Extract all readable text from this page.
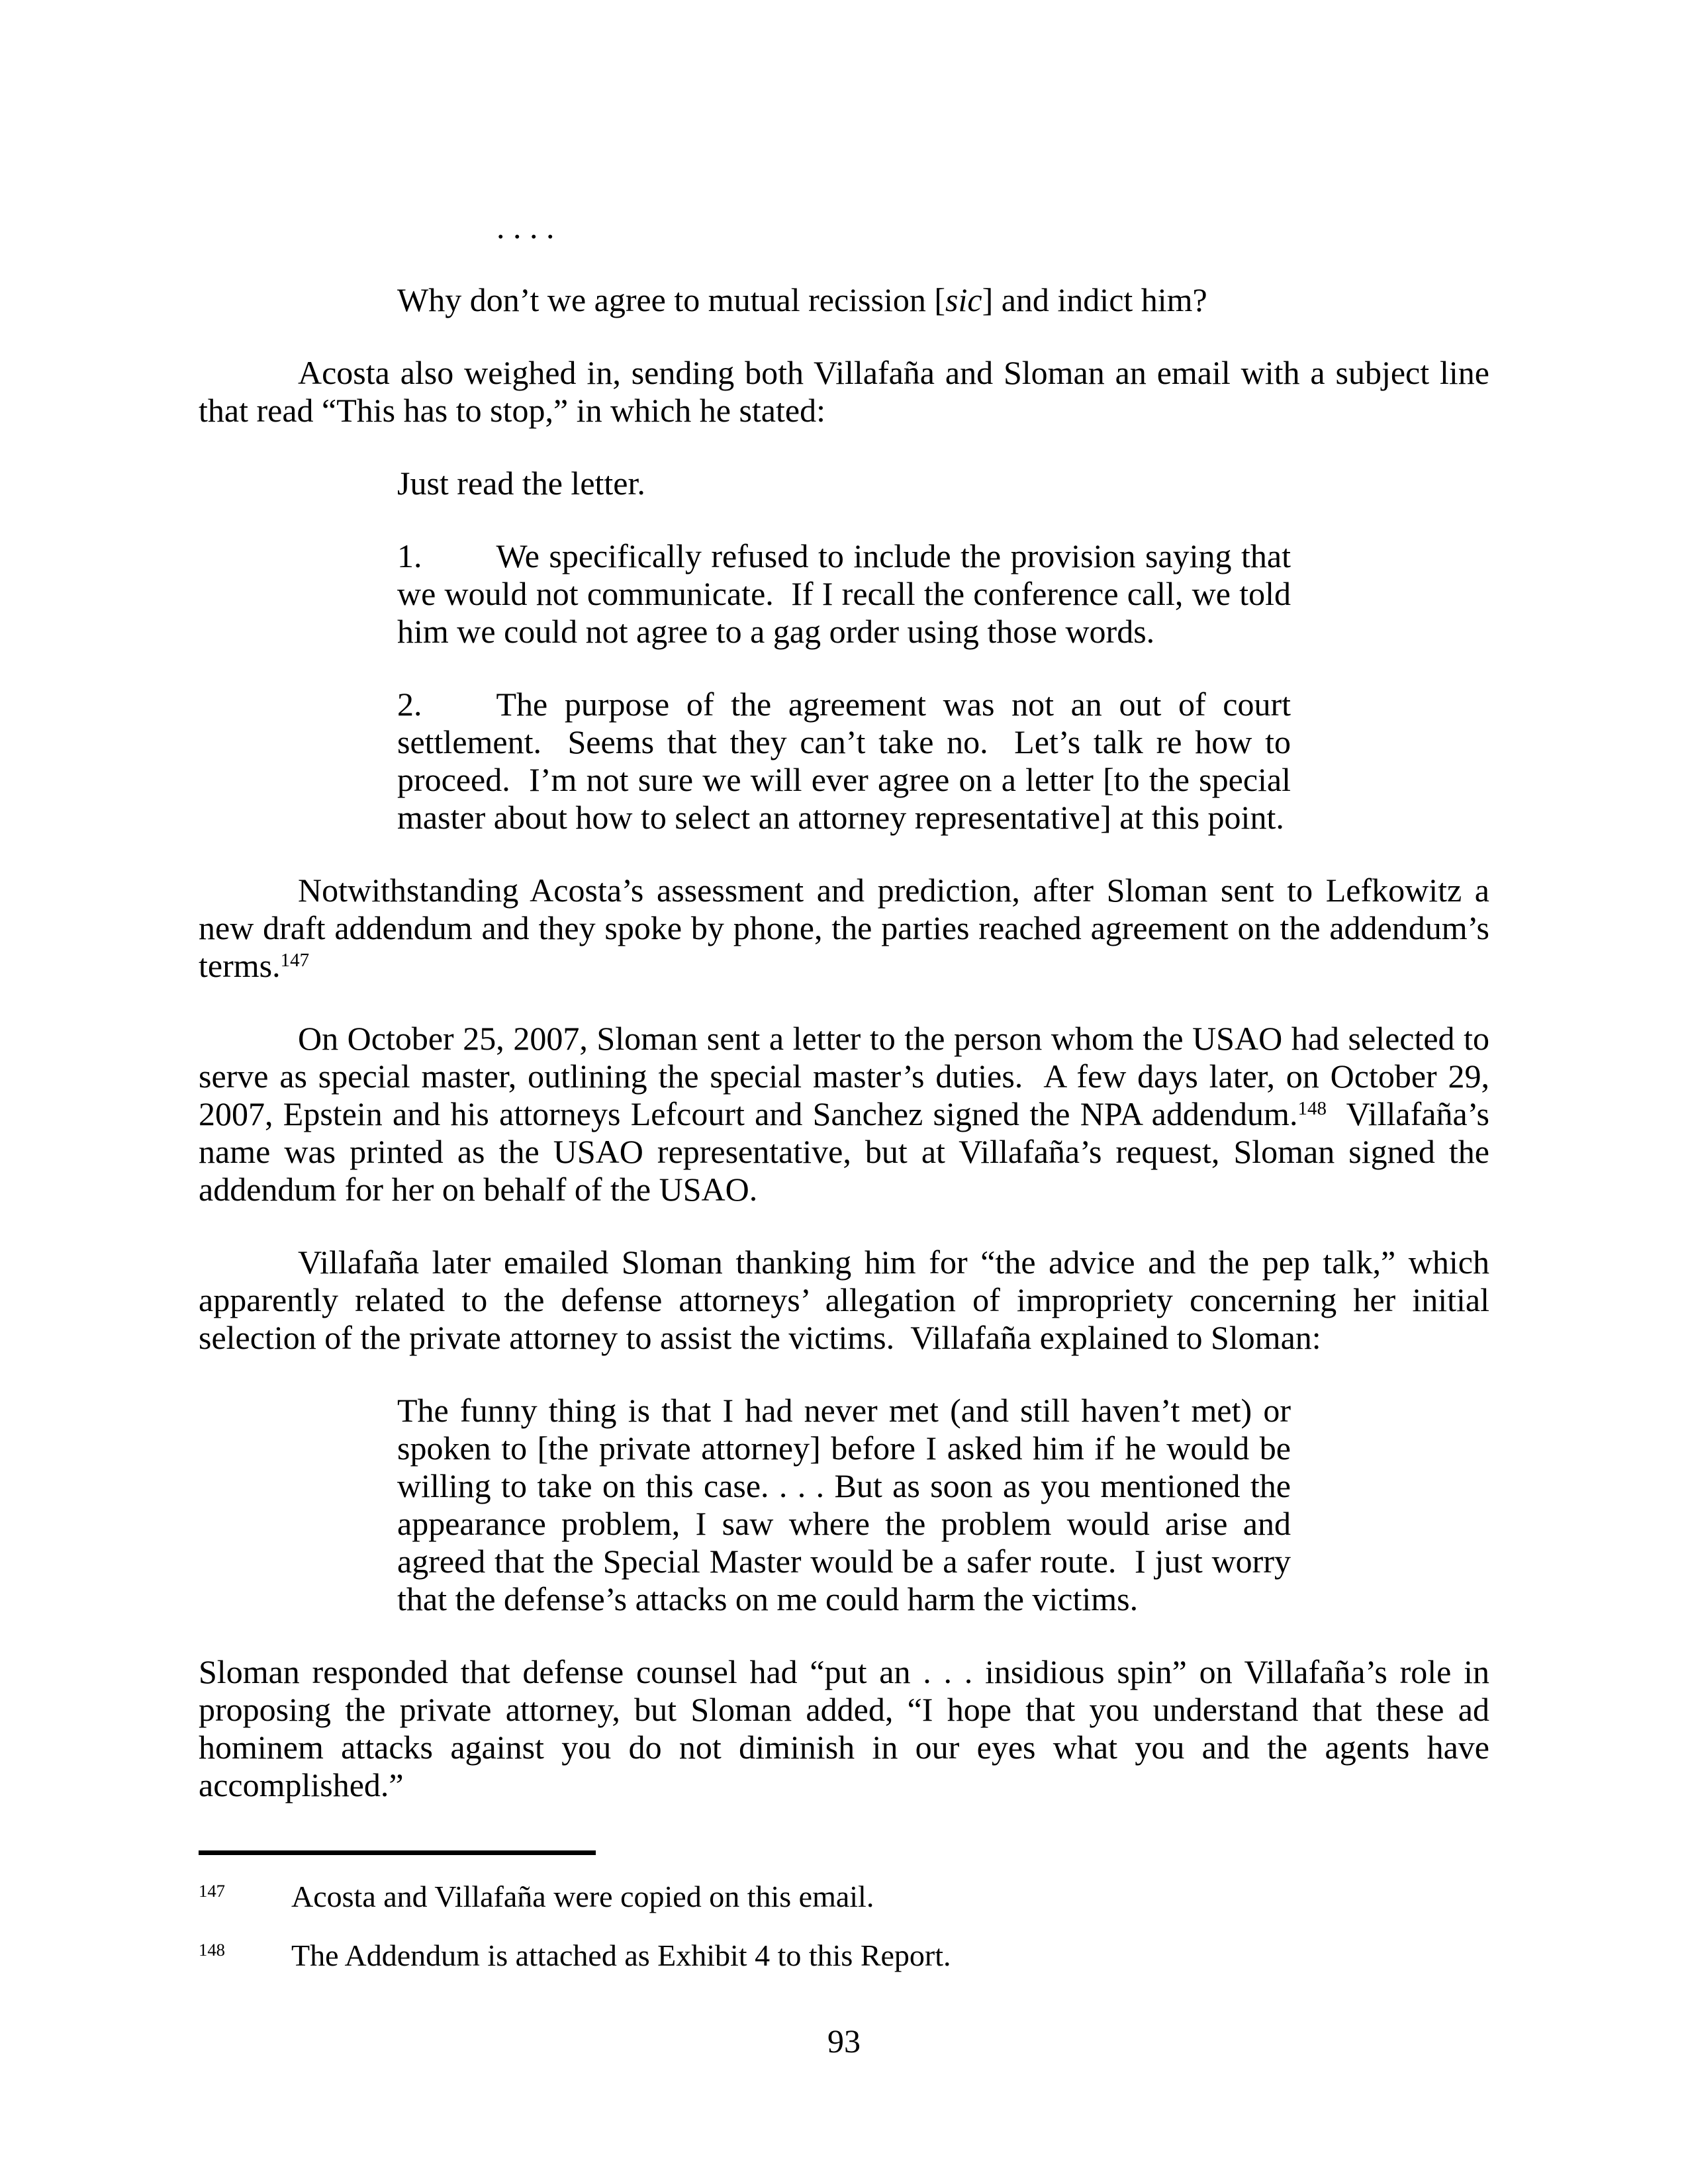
. . . .

Why don’t we agree to mutual recission [sic] and indict him?

Acosta also weighed in, sending both Villafaña and Sloman an email with a subject line that read “This has to stop,” in which he stated:

Just read the letter.

1. We specifically refused to include the provision saying that we would not communicate.  If I recall the conference call, we told him we could not agree to a gag order using those words.

2. The purpose of the agreement was not an out of court settlement.  Seems that they can’t take no.  Let’s talk re how to proceed.  I’m not sure we will ever agree on a letter [to the special master about how to select an attorney representative] at this point.

Notwithstanding Acosta’s assessment and prediction, after Sloman sent to Lefkowitz a new draft addendum and they spoke by phone, the parties reached agreement on the addendum’s terms.$^{147}$

On October 25, 2007, Sloman sent a letter to the person whom the USAO had selected to serve as special master, outlining the special master’s duties.  A few days later, on October 29, 2007, Epstein and his attorneys Lefcourt and Sanchez signed the NPA addendum.$^{148}$  Villafaña’s name was printed as the USAO representative, but at Villafaña’s request, Sloman signed the addendum for her on behalf of the USAO.

Villafaña later emailed Sloman thanking him for “the advice and the pep talk,” which apparently related to the defense attorneys’ allegation of impropriety concerning her initial selection of the private attorney to assist the victims.  Villafaña explained to Sloman:

The funny thing is that I had never met (and still haven’t met) or spoken to [the private attorney] before I asked him if he would be willing to take on this case. . . . But as soon as you mentioned the appearance problem, I saw where the problem would arise and agreed that the Special Master would be a safer route.  I just worry that the defense’s attacks on me could harm the victims.

Sloman responded that defense counsel had “put an . . . insidious spin” on Villafaña’s role in proposing the private attorney, but Sloman added, “I hope that you understand that these ad hominem attacks against you do not diminish in our eyes what you and the agents have accomplished.”

$^{147}$ Acosta and Villafaña were copied on this email.
$^{148}$ The Addendum is attached as Exhibit 4 to this Report.
93
